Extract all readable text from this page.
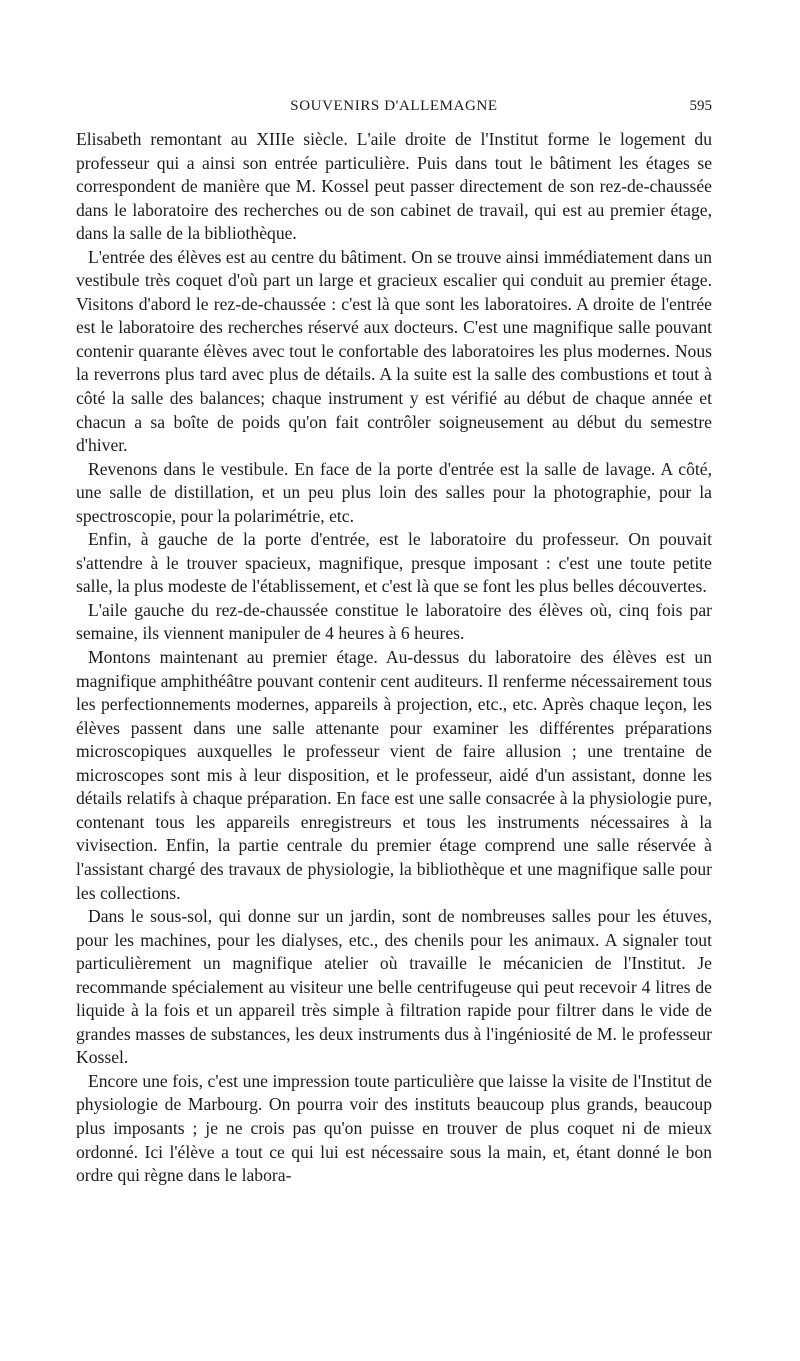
SOUVENIRS D'ALLEMAGNE	595

Elisabeth remontant au XIIIe siècle. L'aile droite de l'Institut forme le logement du professeur qui a ainsi son entrée particulière. Puis dans tout le bâtiment les étages se correspondent de manière que M. Kossel peut passer directement de son rez-de-chaussée dans le laboratoire des recherches ou de son cabinet de travail, qui est au premier étage, dans la salle de la bibliothèque.

L'entrée des élèves est au centre du bâtiment. On se trouve ainsi immédiatement dans un vestibule très coquet d'où part un large et gracieux escalier qui conduit au premier étage. Visitons d'abord le rez-de-chaussée : c'est là que sont les laboratoires. A droite de l'entrée est le laboratoire des recherches réservé aux docteurs. C'est une magnifique salle pouvant contenir quarante élèves avec tout le confortable des laboratoires les plus modernes. Nous la reverrons plus tard avec plus de détails. A la suite est la salle des combustions et tout à côté la salle des balances; chaque instrument y est vérifié au début de chaque année et chacun a sa boîte de poids qu'on fait contrôler soigneusement au début du semestre d'hiver.

Revenons dans le vestibule. En face de la porte d'entrée est la salle de lavage. A côté, une salle de distillation, et un peu plus loin des salles pour la photographie, pour la spectroscopie, pour la polarimétrie, etc.

Enfin, à gauche de la porte d'entrée, est le laboratoire du professeur. On pouvait s'attendre à le trouver spacieux, magnifique, presque imposant : c'est une toute petite salle, la plus modeste de l'établissement, et c'est là que se font les plus belles découvertes.

L'aile gauche du rez-de-chaussée constitue le laboratoire des élèves où, cinq fois par semaine, ils viennent manipuler de 4 heures à 6 heures.

Montons maintenant au premier étage. Au-dessus du laboratoire des élèves est un magnifique amphithéâtre pouvant contenir cent auditeurs. Il renferme nécessairement tous les perfectionnements modernes, appareils à projection, etc., etc. Après chaque leçon, les élèves passent dans une salle attenante pour examiner les différentes préparations microscopiques auxquelles le professeur vient de faire allusion ; une trentaine de microscopes sont mis à leur disposition, et le professeur, aidé d'un assistant, donne les détails relatifs à chaque préparation. En face est une salle consacrée à la physiologie pure, contenant tous les appareils enregistreurs et tous les instruments nécessaires à la vivisection. Enfin, la partie centrale du premier étage comprend une salle réservée à l'assistant chargé des travaux de physiologie, la bibliothèque et une magnifique salle pour les collections.

Dans le sous-sol, qui donne sur un jardin, sont de nombreuses salles pour les étuves, pour les machines, pour les dialyses, etc., des chenils pour les animaux. A signaler tout particulièrement un magnifique atelier où travaille le mécanicien de l'Institut. Je recommande spécialement au visiteur une belle centrifugeuse qui peut recevoir 4 litres de liquide à la fois et un appareil très simple à filtration rapide pour filtrer dans le vide de grandes masses de substances, les deux instruments dus à l'ingéniosité de M. le professeur Kossel.

Encore une fois, c'est une impression toute particulière que laisse la visite de l'Institut de physiologie de Marbourg. On pourra voir des instituts beaucoup plus grands, beaucoup plus imposants ; je ne crois pas qu'on puisse en trouver de plus coquet ni de mieux ordonné. Ici l'élève a tout ce qui lui est nécessaire sous la main, et, étant donné le bon ordre qui règne dans le labora-
